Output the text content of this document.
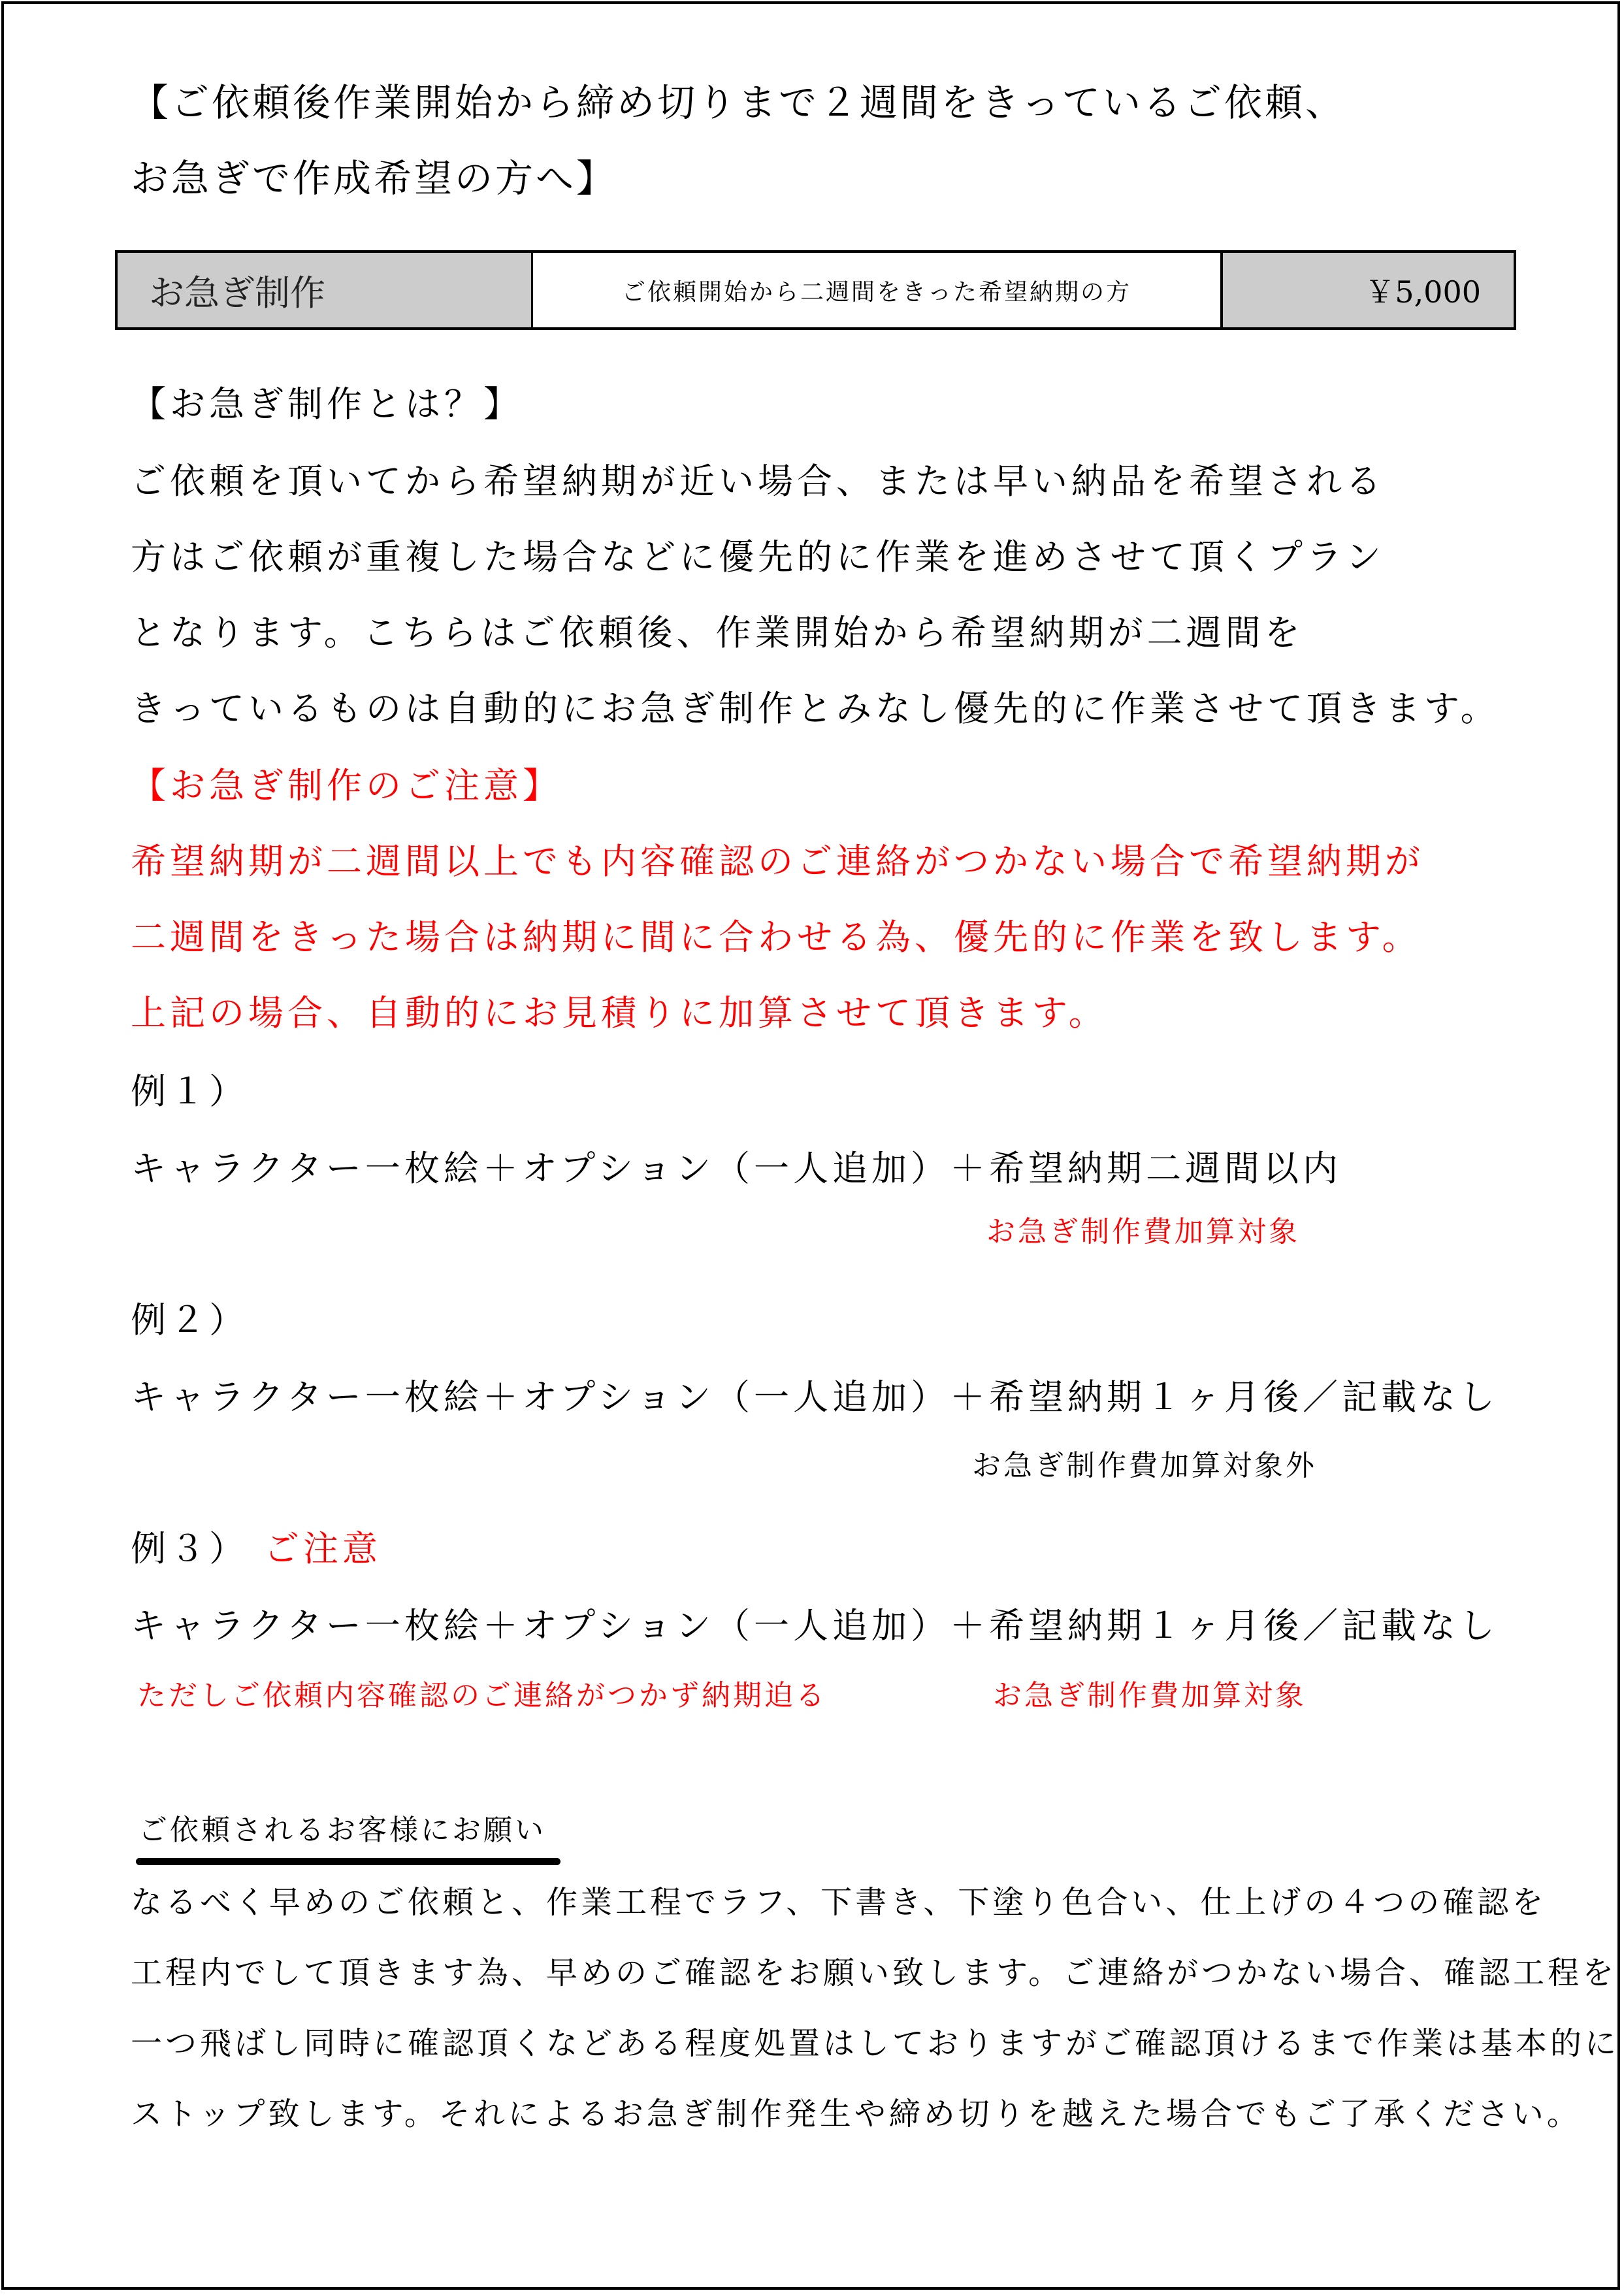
【ご依頼後作業開始から締め切りまで２週間をきっているご依頼、
お急ぎで作成希望の方へ】
お急ぎ制作	ご依頼開始から二週間をきった希望納期の方	￥5,000
【お急ぎ制作とは？】
ご依頼を頂いてから希望納期が近い場合、または早い納品を希望される
方はご依頼が重複した場合などに優先的に作業を進めさせて頂くプラン
となります。こちらはご依頼後、作業開始から希望納期が二週間を
きっているものは自動的にお急ぎ制作とみなし優先的に作業させて頂きます。
【お急ぎ制作のご注意】
希望納期が二週間以上でも内容確認のご連絡がつかない場合で希望納期が
二週間をきった場合は納期に間に合わせる為、優先的に作業を致します。
上記の場合、自動的にお見積りに加算させて頂きます。
例１）
キャラクター一枚絵＋オプション（一人追加）＋希望納期二週間以内
お急ぎ制作費加算対象
例２）
キャラクター一枚絵＋オプション（一人追加）＋希望納期１ヶ月後／記載なし
お急ぎ制作費加算対象外
例３） ご注意
キャラクター一枚絵＋オプション（一人追加）＋希望納期１ヶ月後／記載なし
ただしご依頼内容確認のご連絡がつかず納期迫る	お急ぎ制作費加算対象
ご依頼されるお客様にお願い
なるべく早めのご依頼と、作業工程でラフ、下書き、下塗り色合い、仕上げの４つの確認を
工程内でして頂きます為、早めのご確認をお願い致します。ご連絡がつかない場合、確認工程を
一つ飛ばし同時に確認頂くなどある程度処置はしておりますがご確認頂けるまで作業は基本的に
ストップ致します。それによるお急ぎ制作発生や締め切りを越えた場合でもご了承ください。
